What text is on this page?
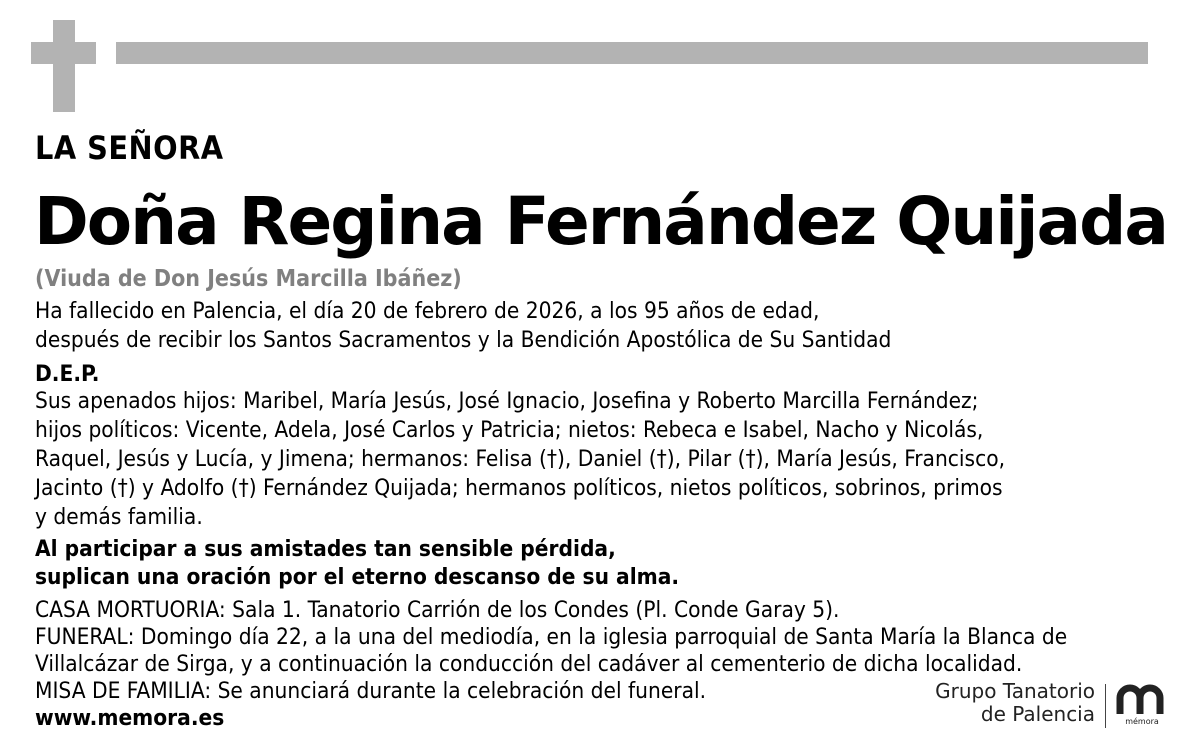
LA SEÑORA
Doña Regina Fernández Quijada
(Viuda de Don Jesús Marcilla Ibáñez)
Ha fallecido en Palencia, el día 20 de febrero de 2026, a los 95 años de edad,
después de recibir los Santos Sacramentos y la Bendición Apostólica de Su Santidad
D.E.P.
Sus apenados hijos: Maribel, María Jesús, José Ignacio, Josefina y Roberto Marcilla Fernández;
hijos políticos: Vicente, Adela, José Carlos y Patricia; nietos: Rebeca e Isabel, Nacho y Nicolás,
Raquel, Jesús y Lucía, y Jimena; hermanos: Felisa (†), Daniel (†), Pilar (†), María Jesús, Francisco,
Jacinto (†) y Adolfo (†) Fernández Quijada; hermanos políticos, nietos políticos, sobrinos, primos
y demás familia.
Al participar a sus amistades tan sensible pérdida,
suplican una oración por el eterno descanso de su alma.
CASA MORTUORIA: Sala 1. Tanatorio Carrión de los Condes (Pl. Conde Garay 5).
FUNERAL: Domingo día 22, a la una del mediodía, en la iglesia parroquial de Santa María la Blanca de
Villalcázar de Sirga, y a continuación la conducción del cadáver al cementerio de dicha localidad.
MISA DE FAMILIA: Se anunciará durante la celebración del funeral.
www.memora.es
Grupo Tanatorio
de Palencia	mémora
